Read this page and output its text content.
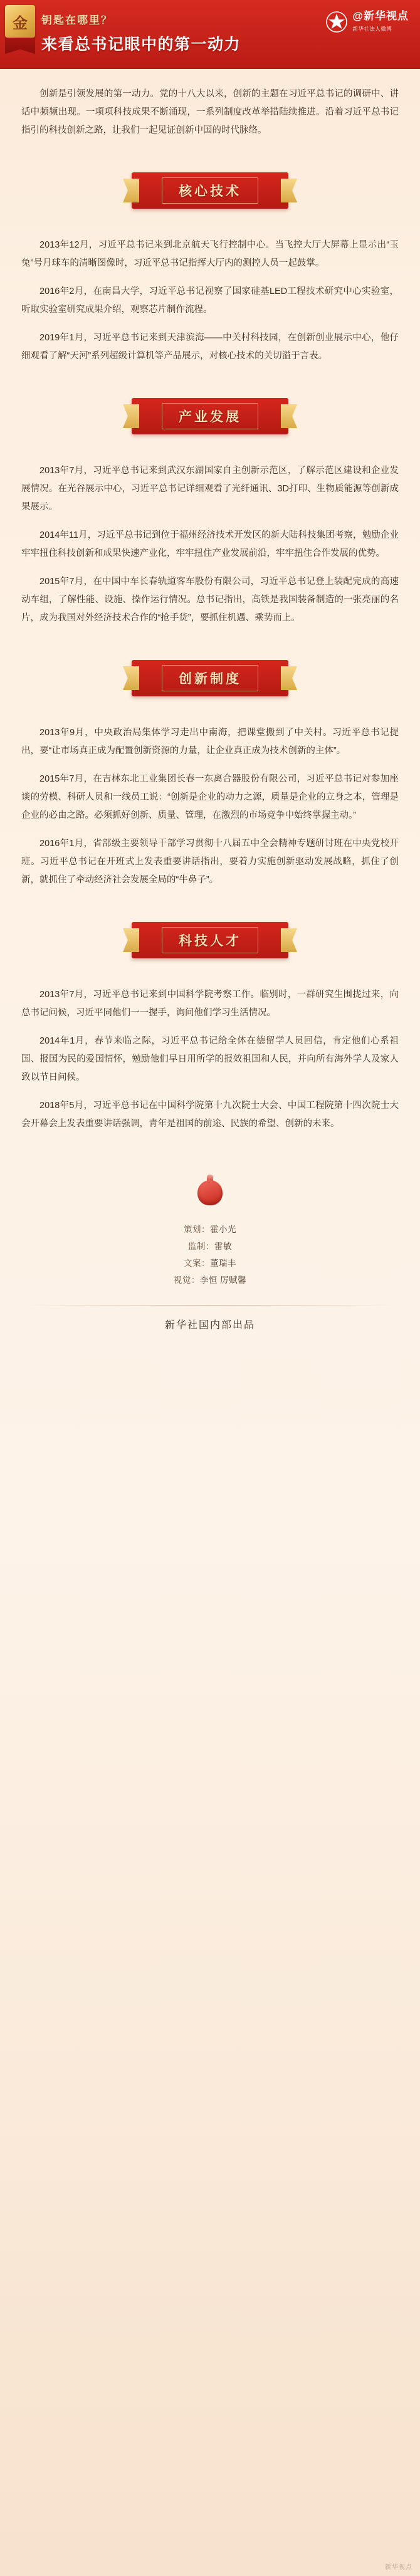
金 钥匙在哪里？
来看总书记眼中的第一动力
@新华视点
新华社法人微博

创新是引领发展的第一动力。党的十八大以来，创新的主题在习近平总书记的调研中、讲话中频频出现。一项项科技成果不断涌现，一系列制度改革举措陆续推进。沿着习近平总书记指引的科技创新之路，让我们一起见证创新中国的时代脉络。

核心技术

2013年12月，习近平总书记来到北京航天飞行控制中心。当飞控大厅大屏幕上显示出“玉兔”号月球车的清晰图像时，习近平总书记指挥大厅内的测控人员一起鼓掌。

2016年2月，在南昌大学，习近平总书记视察了国家硅基LED工程技术研究中心实验室，听取实验室研究成果介绍，观察芯片制作流程。

2019年1月，习近平总书记来到天津滨海——中关村科技园，在创新创业展示中心，他仔细观看了解“天河”系列超级计算机等产品展示，对核心技术的关切溢于言表。

产业发展

2013年7月，习近平总书记来到武汉东湖国家自主创新示范区，了解示范区建设和企业发展情况。在光谷展示中心，习近平总书记详细观看了光纤通讯、3D打印、生物质能源等创新成果展示。

2014年11月，习近平总书记到位于福州经济技术开发区的新大陆科技集团考察，勉励企业牢牢扭住科技创新和成果快速产业化，牢牢扭住产业发展前沿，牢牢扭住合作发展的优势。

2015年7月，在中国中车长春轨道客车股份有限公司，习近平总书记登上装配完成的高速动车组，了解性能、设施、操作运行情况。总书记指出，高铁是我国装备制造的一张亮丽的名片，成为我国对外经济技术合作的“抢手货”，要抓住机遇、乘势而上。

创新制度

2013年9月，中央政治局集体学习走出中南海，把课堂搬到了中关村。习近平总书记提出，要“让市场真正成为配置创新资源的力量，让企业真正成为技术创新的主体”。

2015年7月，在吉林东北工业集团长春一东离合器股份有限公司，习近平总书记对参加座谈的劳模、科研人员和一线员工说：“创新是企业的动力之源，质量是企业的立身之本，管理是企业的必由之路。必须抓好创新、质量、管理，在激烈的市场竞争中始终掌握主动。”

2016年1月，省部级主要领导干部学习贯彻十八届五中全会精神专题研讨班在中央党校开班。习近平总书记在开班式上发表重要讲话指出，要着力实施创新驱动发展战略，抓住了创新，就抓住了牵动经济社会发展全局的“牛鼻子”。

科技人才

2013年7月，习近平总书记来到中国科学院考察工作。临别时，一群研究生围拢过来，向总书记问候，习近平同他们一一握手，询问他们学习生活情况。

2014年1月，春节来临之际，习近平总书记给全体在德留学人员回信，肯定他们心系祖国、报国为民的爱国情怀，勉励他们早日用所学的报效祖国和人民，并向所有海外学人及家人致以节日问候。

2018年5月，习近平总书记在中国科学院第十九次院士大会、中国工程院第十四次院士大会开幕会上发表重要讲话强调，青年是祖国的前途、民族的希望、创新的未来。

策划：霍小光
监制：雷敏
文案：董瑞丰
视觉：李恒 厉赋馨
新华社国内部出品
新华视点
